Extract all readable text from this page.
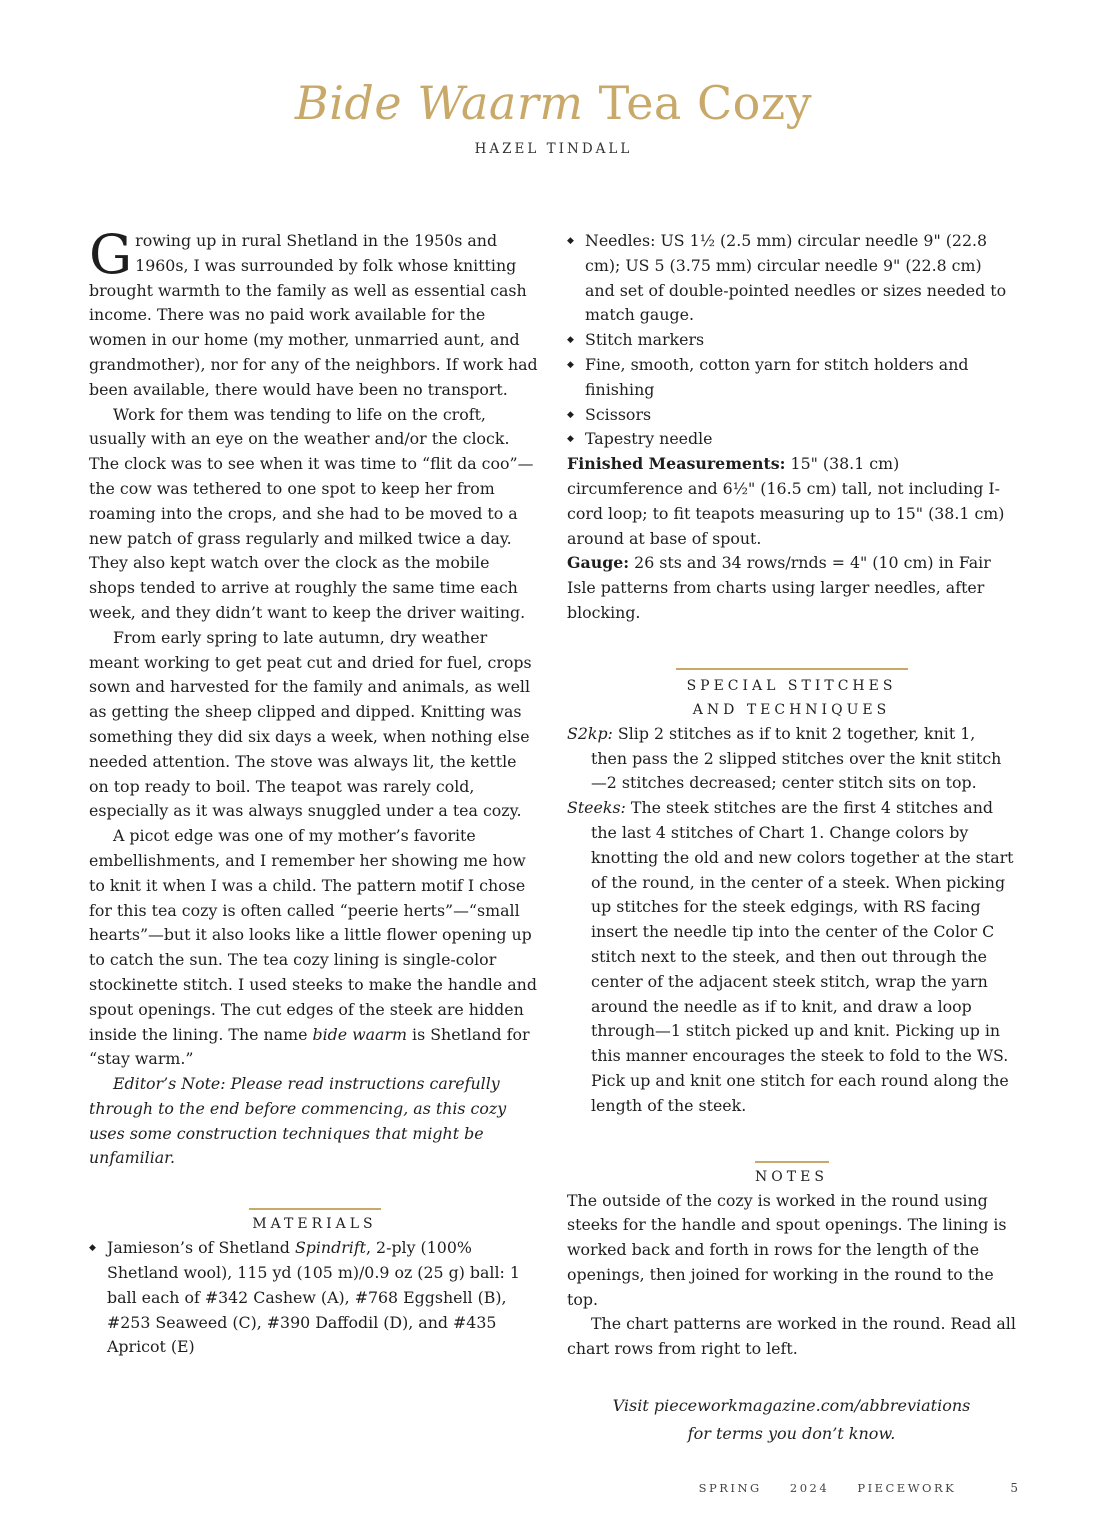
Bide Waarm Tea Cozy
HAZEL TINDALL

Growing up in rural Shetland in the 1950s and 1960s, I was surrounded by folk whose knitting brought warmth to the family as well as essential cash income. There was no paid work available for the women in our home (my mother, unmarried aunt, and grandmother), nor for any of the neighbors. If work had been available, there would have been no transport.

Work for them was tending to life on the croft, usually with an eye on the weather and/or the clock. The clock was to see when it was time to “flit da coo”—the cow was tethered to one spot to keep her from roaming into the crops, and she had to be moved to a new patch of grass regularly and milked twice a day. They also kept watch over the clock as the mobile shops tended to arrive at roughly the same time each week, and they didn’t want to keep the driver waiting.

From early spring to late autumn, dry weather meant working to get peat cut and dried for fuel, crops sown and harvested for the family and animals, as well as getting the sheep clipped and dipped. Knitting was something they did six days a week, when nothing else needed attention. The stove was always lit, the kettle on top ready to boil. The teapot was rarely cold, especially as it was always snuggled under a tea cozy.

A picot edge was one of my mother’s favorite embellishments, and I remember her showing me how to knit it when I was a child. The pattern motif I chose for this tea cozy is often called “peerie herts”—“small hearts”—but it also looks like a little flower opening up to catch the sun. The tea cozy lining is single-color stockinette stitch. I used steeks to make the handle and spout openings. The cut edges of the steek are hidden inside the lining. The name bide waarm is Shetland for “stay warm.”

Editor’s Note: Please read instructions carefully through to the end before commencing, as this cozy uses some construction techniques that might be unfamiliar.

MATERIALS
◆ Jamieson’s of Shetland Spindrift, 2-ply (100% Shetland wool), 115 yd (105 m)/0.9 oz (25 g) ball: 1 ball each of #342 Cashew (A), #768 Eggshell (B), #253 Seaweed (C), #390 Daffodil (D), and #435 Apricot (E)
◆ Needles: US 1½ (2.5 mm) circular needle 9" (22.8 cm); US 5 (3.75 mm) circular needle 9" (22.8 cm) and set of double-pointed needles or sizes needed to match gauge.
◆ Stitch markers
◆ Fine, smooth, cotton yarn for stitch holders and finishing
◆ Scissors
◆ Tapestry needle

Finished Measurements: 15" (38.1 cm) circumference and 6½" (16.5 cm) tall, not including I-cord loop; to fit teapots measuring up to 15" (38.1 cm) around at base of spout.

Gauge: 26 sts and 34 rows/rnds = 4" (10 cm) in Fair Isle patterns from charts using larger needles, after blocking.

SPECIAL STITCHES
AND TECHNIQUES

S2kp: Slip 2 stitches as if to knit 2 together, knit 1, then pass the 2 slipped stitches over the knit stitch—2 stitches decreased; center stitch sits on top.

Steeks: The steek stitches are the first 4 stitches and the last 4 stitches of Chart 1. Change colors by knotting the old and new colors together at the start of the round, in the center of a steek. When picking up stitches for the steek edgings, with RS facing insert the needle tip into the center of the Color C stitch next to the steek, and then out through the center of the adjacent steek stitch, wrap the yarn around the needle as if to knit, and draw a loop through—1 stitch picked up and knit. Picking up in this manner encourages the steek to fold to the WS. Pick up and knit one stitch for each round along the length of the steek.

NOTES

The outside of the cozy is worked in the round using steeks for the handle and spout openings. The lining is worked back and forth in rows for the length of the openings, then joined for working in the round to the top.

The chart patterns are worked in the round. Read all chart rows from right to left.

Visit pieceworkmagazine.com/abbreviations
for terms you don’t know.
SPRING 2024 PIECEWORK	5
